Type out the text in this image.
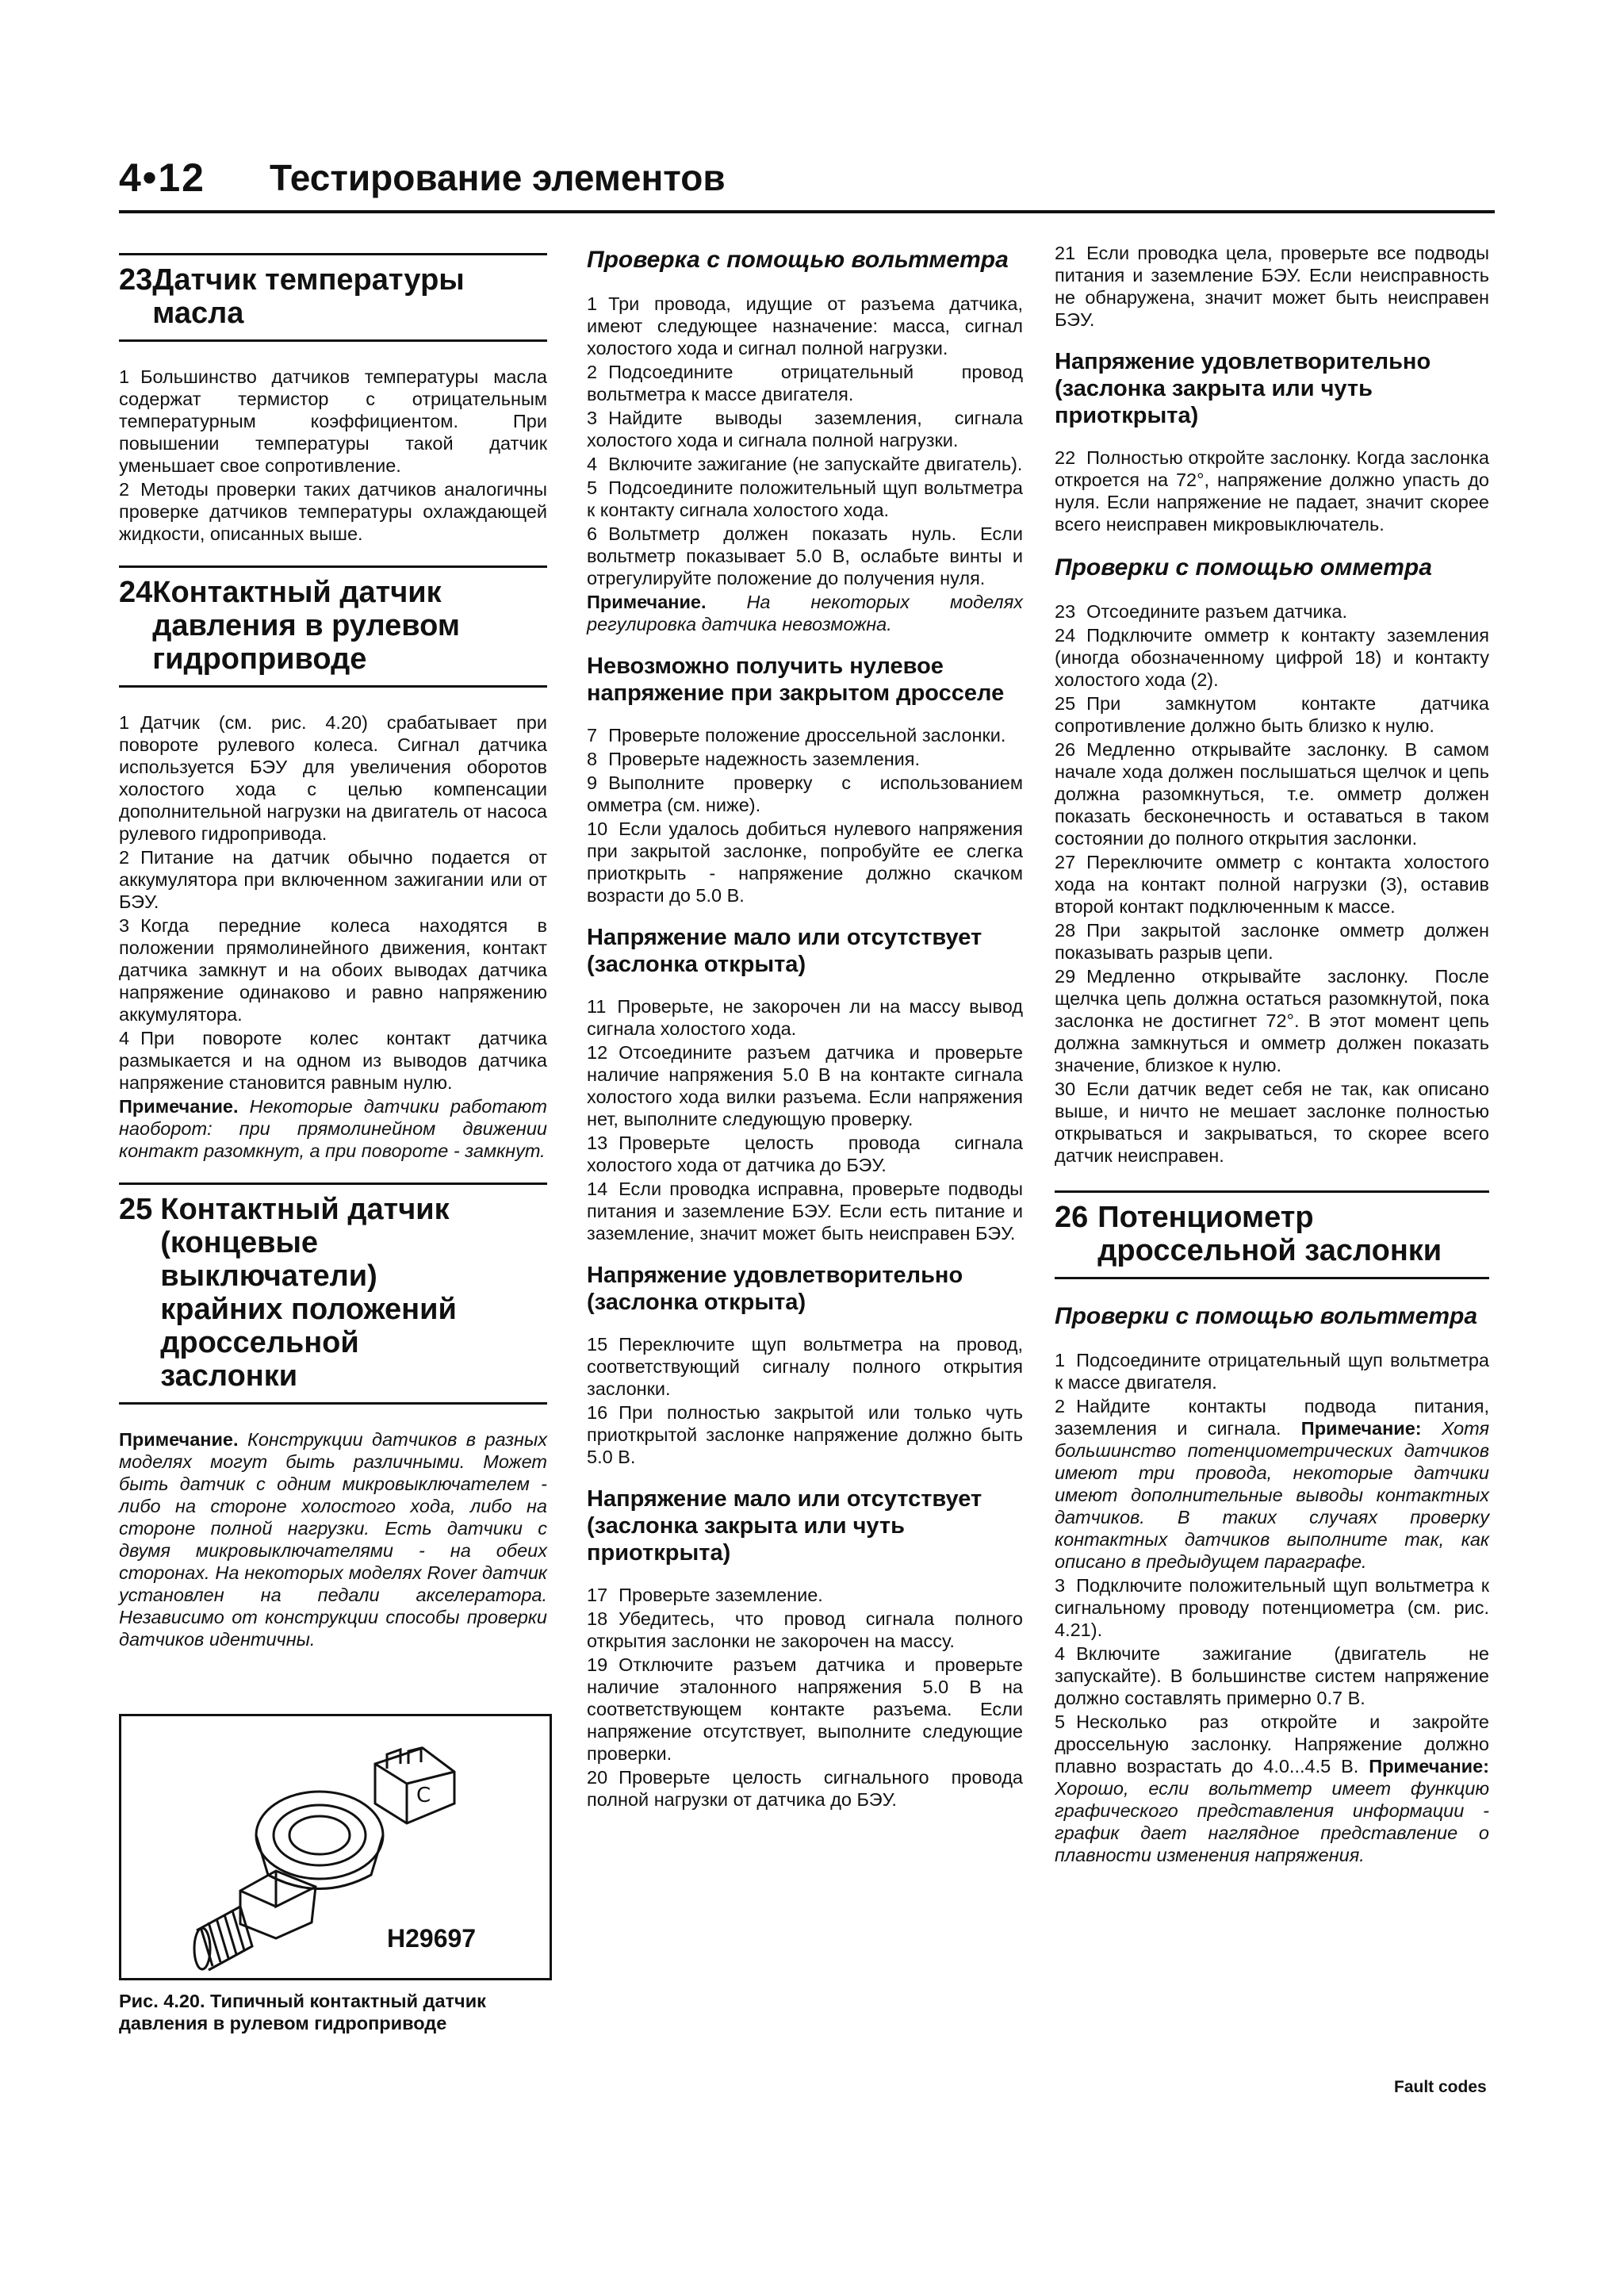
4•12 Тестирование элементов
23Датчик температуры масла

1 Большинство датчиков температуры масла содержат термистор с отрицательным температурным коэффициентом. При повышении температуры такой датчик уменьшает свое сопротивление.

2 Методы проверки таких датчиков аналогичны проверке датчиков температуры охлаждающей жидкости, описанных выше.

24Контактный датчик давления в рулевом гидроприводе

1 Датчик (см. рис. 4.20) срабатывает при повороте рулевого колеса. Сигнал датчика используется БЭУ для увеличения оборотов холостого хода с целью компенсации дополнительной нагрузки на двигатель от насоса рулевого гидропривода.

2 Питание на датчик обычно подается от аккумулятора при включенном зажигании или от БЭУ.

3 Когда передние колеса находятся в положении прямолинейного движения, контакт датчика замкнут и на обоих выводах датчика напряжение одинаково и равно напряжению аккумулятора.

4 При повороте колес контакт датчика размыкается и на одном из выводов датчика напряжение становится равным нулю.

Примечание. Некоторые датчики работают наоборот: при прямолинейном движении контакт разомкнут, а при повороте - замкнут.

25 Контактный датчик (концевые выключатели) крайних положений дроссельной заслонки

Примечание. Конструкции датчиков в разных моделях могут быть различными. Может быть датчик с одним микровыключателем - либо на стороне холостого хода, либо на стороне полной нагрузки. Есть датчики с двумя микровыключателями - на обеих сторонах. На некоторых моделях Rover датчик установлен на педали акселератора. Независимо от конструкции способы проверки датчиков идентичны.

C
H29697
Рис. 4.20. Типичный контактный датчик давления в рулевом гидроприводе
Проверка с помощью вольтметра

1 Три провода, идущие от разъема датчика, имеют следующее назначение: масса, сигнал холостого хода и сигнал полной нагрузки.

2 Подсоедините отрицательный провод вольтметра к массе двигателя.

3 Найдите выводы заземления, сигнала холостого хода и сигнала полной нагрузки.

4 Включите зажигание (не запускайте двигатель).

5 Подсоедините положительный щуп вольтметра к контакту сигнала холостого хода.

6 Вольтметр должен показать нуль. Если вольтметр показывает 5.0 В, ослабьте винты и отрегулируйте положение до получения нуля.

Примечание. На некоторых моделях регулировка датчика невозможна.

Невозможно получить нулевое напряжение при закрытом дросселе

7 Проверьте положение дроссельной заслонки.

8 Проверьте надежность заземления.

9 Выполните проверку с использованием омметра (см. ниже).

10 Если удалось добиться нулевого напряжения при закрытой заслонке, попробуйте ее слегка приоткрыть - напряжение должно скачком возрасти до 5.0 В.

Напряжение мало или отсутствует (заслонка открыта)

11 Проверьте, не закорочен ли на массу вывод сигнала холостого хода.

12 Отсоедините разъем датчика и проверьте наличие напряжения 5.0 В на контакте сигнала холостого хода вилки разъема. Если напряжения нет, выполните следующую проверку.

13 Проверьте целость провода сигнала холостого хода от датчика до БЭУ.

14 Если проводка исправна, проверьте подводы питания и заземление БЭУ. Если есть питание и заземление, значит может быть неисправен БЭУ.

Напряжение удовлетворительно (заслонка открыта)

15 Переключите щуп вольтметра на провод, соответствующий сигналу полного открытия заслонки.

16 При полностью закрытой или только чуть приоткрытой заслонке напряжение должно быть 5.0 В.

Напряжение мало или отсутствует (заслонка закрыта или чуть приоткрыта)

17 Проверьте заземление.

18 Убедитесь, что провод сигнала полного открытия заслонки не закорочен на массу.

19 Отключите разъем датчика и проверьте наличие эталонного напряжения 5.0 В на соответствующем контакте разъема. Если напряжение отсутствует, выполните следующие проверки.

20 Проверьте целость сигнального провода полной нагрузки от датчика до БЭУ.

21 Если проводка цела, проверьте все подводы питания и заземление БЭУ. Если неисправность не обнаружена, значит может быть неисправен БЭУ.

Напряжение удовлетворительно (заслонка закрыта или чуть приоткрыта)

22 Полностью откройте заслонку. Когда заслонка откроется на 72°, напряжение должно упасть до нуля. Если напряжение не падает, значит скорее всего неисправен микровыключатель.

Проверки с помощью омметра

23 Отсоедините разъем датчика.

24 Подключите омметр к контакту заземления (иногда обозначенному цифрой 18) и контакту холостого хода (2).

25 При замкнутом контакте датчика сопротивление должно быть близко к нулю.

26 Медленно открывайте заслонку. В самом начале хода должен послышаться щелчок и цепь должна разомкнуться, т.е. омметр должен показать бесконечность и оставаться в таком состоянии до полного открытия заслонки.

27 Переключите омметр с контакта холостого хода на контакт полной нагрузки (3), оставив второй контакт подключенным к массе.

28 При закрытой заслонке омметр должен показывать разрыв цепи.

29 Медленно открывайте заслонку. После щелчка цепь должна остаться разомкнутой, пока заслонка не достигнет 72°. В этот момент цепь должна замкнуться и омметр должен показать значение, близкое к нулю.

30 Если датчик ведет себя не так, как описано выше, и ничто не мешает заслонке полностью открываться и закрываться, то скорее всего датчик неисправен.

26 Потенциометр дроссельной заслонки
Проверки с помощью вольтметра

1 Подсоедините отрицательный щуп вольтметра к массе двигателя.

2 Найдите контакты подвода питания, заземления и сигнала. Примечание: Хотя большинство потенциометрических датчиков имеют три провода, некоторые датчики имеют дополнительные выводы контактных датчиков. В таких случаях проверку контактных датчиков выполните так, как описано в предыдущем параграфе.

3 Подключите положительный щуп вольтметра к сигнальному проводу потенциометра (см. рис. 4.21).

4 Включите зажигание (двигатель не запускайте). В большинстве систем напряжение должно составлять примерно 0.7 В.

5 Несколько раз откройте и закройте дроссельную заслонку. Напряжение должно плавно возрастать до 4.0...4.5 В. Примечание: Хорошо, если вольтметр имеет функцию графического представления информации - график дает наглядное представление о плавности изменения напряжения.

Fault codes
